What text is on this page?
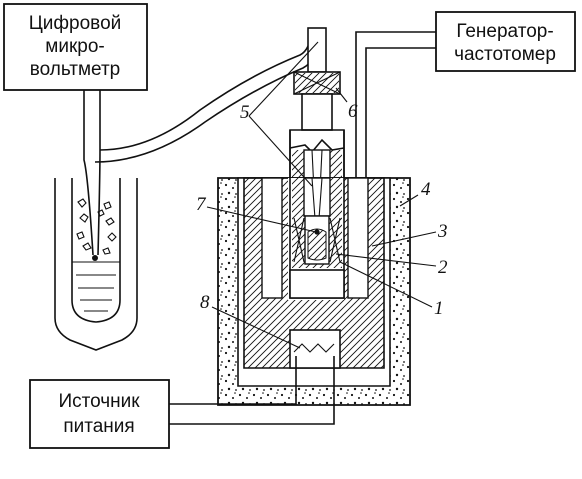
Цифровой
микро-
вольтметр
Генератор-
частотомер
Источник
питания
5	6
7
4
3
2
1
8
